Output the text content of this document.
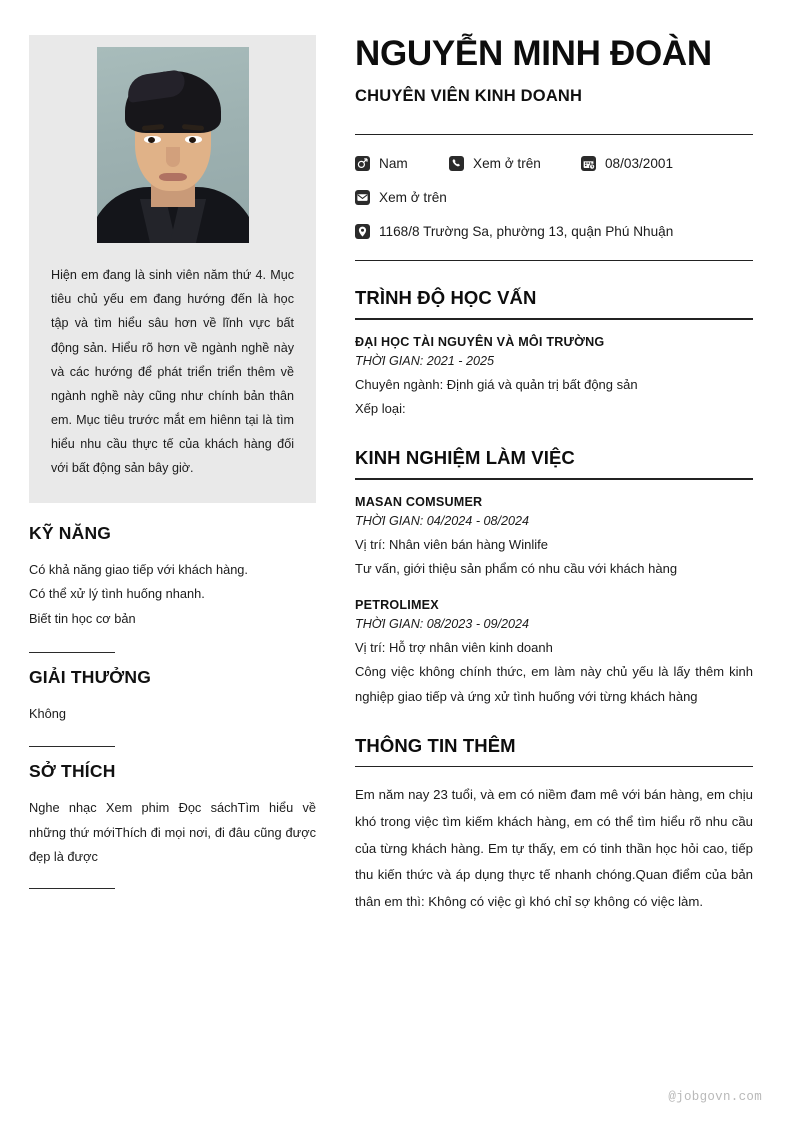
Hiện em đang là sinh viên năm thứ 4. Mục tiêu chủ yếu em đang hướng đến là học tập và tìm hiểu sâu hơn về lĩnh vực bất động sản. Hiểu rõ hơn về ngành nghề này và các hướng để phát triển triển thêm về ngành nghề này cũng như chính bản thân em. Mục tiêu trước mắt em hiênn tại là tìm hiểu nhu cầu thực tế của khách hàng đối với bất động sản bây giờ.
KỸ NĂNG
Có khả năng giao tiếp với khách hàng.
Có thể xử lý tình huống nhanh.
Biết tin học cơ bản
GIẢI THƯỞNG
Không
SỞ THÍCH
Nghe nhạc Xem phim Đọc sáchTìm hiểu về những thứ mớiThích đi mọi nơi, đi đâu cũng được đẹp là được
NGUYỄN MINH ĐOÀN
CHUYÊN VIÊN KINH DOANH
Nam	Xem ở trên	08/03/2001
Xem ở trên
1168/8 Trường Sa, phường 13, quận Phú Nhuận
TRÌNH ĐỘ HỌC VẤN
ĐẠI HỌC TÀI NGUYÊN VÀ MÔI TRƯỜNG
THỜI GIAN: 2021 - 2025
Chuyên ngành: Định giá và quản trị bất động sản
Xếp loại:
KINH NGHIỆM LÀM VIỆC
MASAN COMSUMER
THỜI GIAN: 04/2024 - 08/2024
Vị trí: Nhân viên bán hàng Winlife
Tư vấn, giới thiệu sản phẩm có nhu cầu với khách hàng
PETROLIMEX
THỜI GIAN: 08/2023 - 09/2024
Vị trí: Hỗ trợ nhân viên kinh doanh
Công việc không chính thức, em làm này chủ yếu là lấy thêm kinh nghiệp giao tiếp và ứng xử tình huống với từng khách hàng
THÔNG TIN THÊM
Em năm nay 23 tuổi, và em có niềm đam mê với bán hàng, em chịu khó trong việc tìm kiếm khách hàng, em có thể tìm hiểu rõ nhu cầu của từng khách hàng. Em tự thấy, em có tinh thần học hỏi cao, tiếp thu kiến thức và áp dụng thực tế nhanh chóng.Quan điểm của bản thân em thì: Không có việc gì khó chỉ sợ không có việc làm.
@jobgovn.com
